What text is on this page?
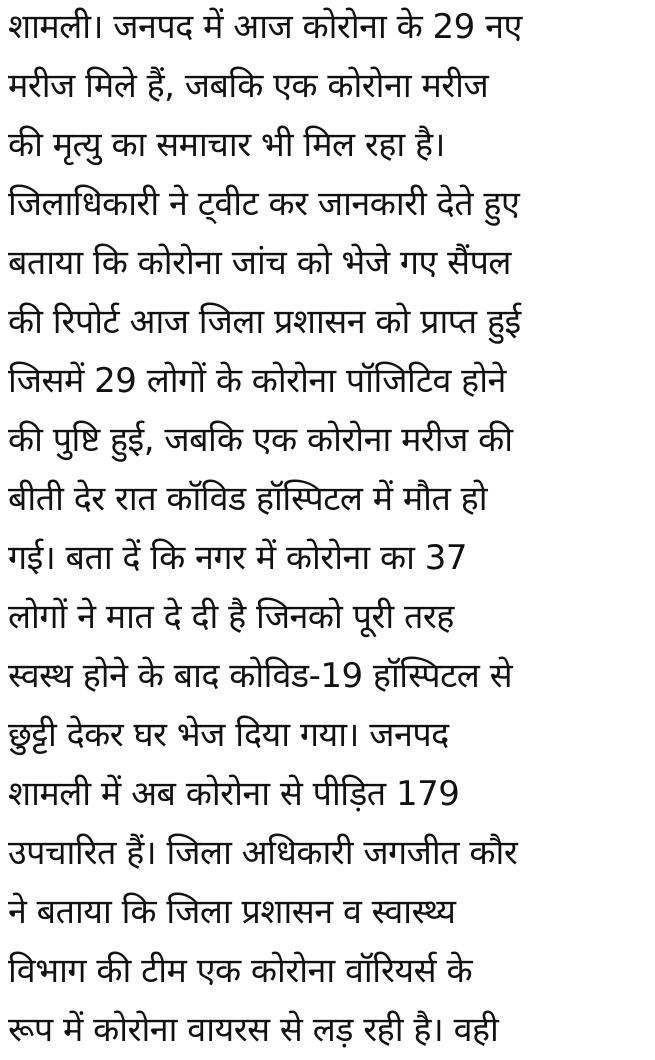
शामली। जनपद में आज कोरोना के 29 नए
मरीज मिले हैं, जबकि एक कोरोना मरीज
की मृत्यु का समाचार भी मिल रहा है।
जिलाधिकारी ने ट्वीट कर जानकारी देते हुए
बताया कि कोरोना जांच को भेजे गए सैंपल
की रिपोर्ट आज जिला प्रशासन को प्राप्त हुई
जिसमें 29 लोगों के कोरोना पॉजिटिव होने
की पुष्टि हुई, जबकि एक कोरोना मरीज की
बीती देर रात कॉविड हॉस्पिटल में मौत हो
गई। बता दें कि नगर में कोरोना का 37
लोगों ने मात दे दी है जिनको पूरी तरह
स्वस्थ होने के बाद कोविड-19 हॉस्पिटल से
छुट्टी देकर घर भेज दिया गया। जनपद
शामली में अब कोरोना से पीड़ित 179
उपचारित हैं। जिला अधिकारी जगजीत कौर
ने बताया कि जिला प्रशासन व स्वास्थ्य
विभाग की टीम एक कोरोना वॉरियर्स के
रूप में कोरोना वायरस से लड़ रही है। वही
